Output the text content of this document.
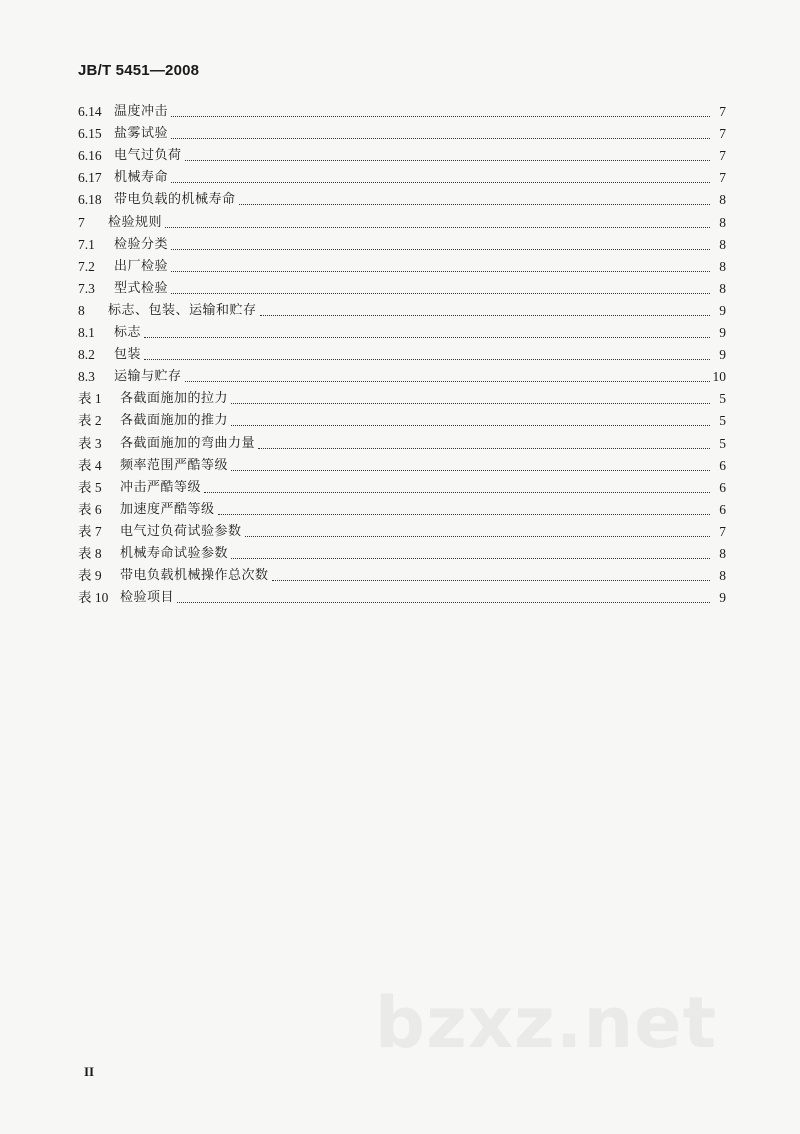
JB/T 5451—2008
6.14 温度冲击	7
6.15 盐雾试验	7
6.16 电气过负荷	7
6.17 机械寿命	7
6.18 带电负载的机械寿命	8
7	检验规则	8
7.1	检验分类	8
7.2	出厂检验	8
7.3	型式检验	8
8	标志、包装、运输和贮存	9
8.1	标志	9
8.2	包装	9
8.3	运输与贮存	10
表 1	各截面施加的拉力	5
表 2	各截面施加的推力	5
表 3	各截面施加的弯曲力量	5
表 4	频率范围严酷等级	6
表 5	冲击严酷等级	6
表 6	加速度严酷等级	6
表 7	电气过负荷试验参数	7
表 8	机械寿命试验参数	8
表 9	带电负载机械操作总次数	8
表 10 检验项目	9
bzxz.net
II
